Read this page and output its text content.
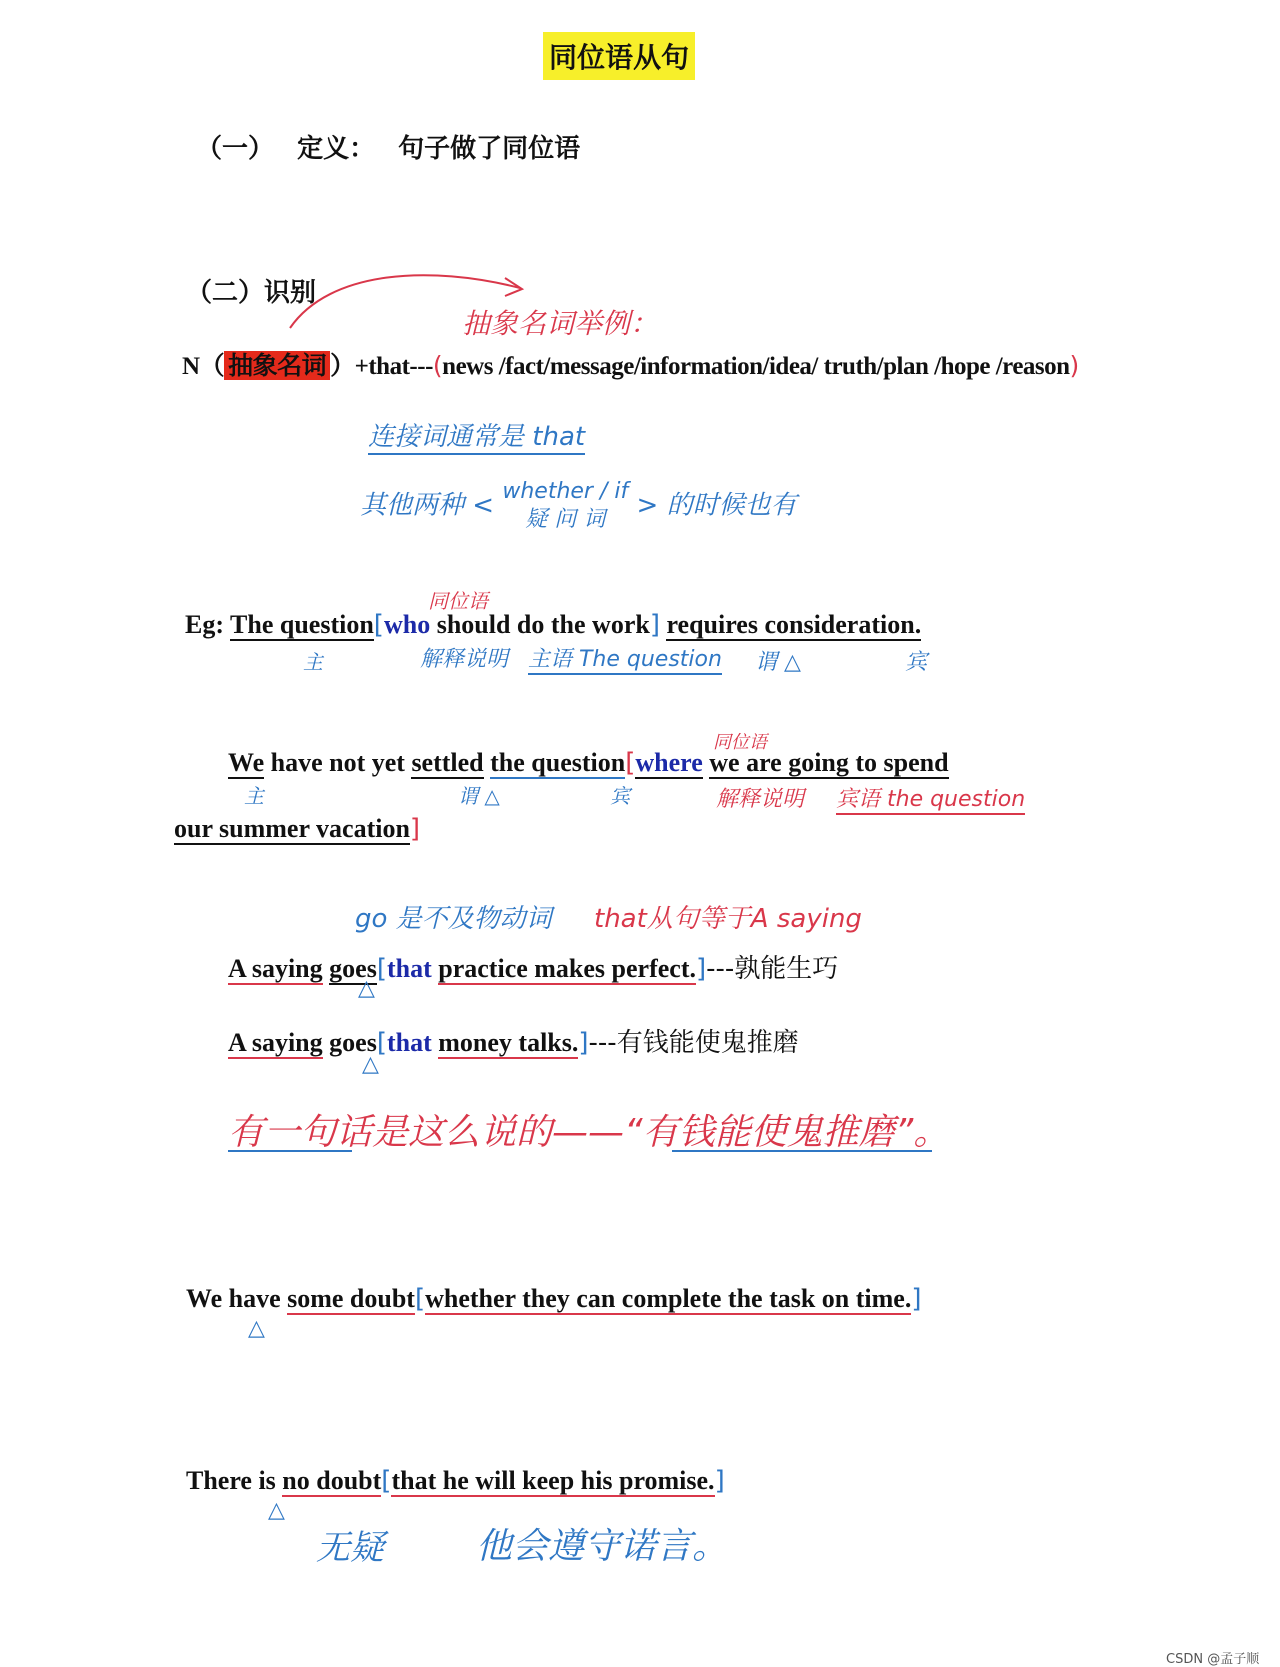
同位语从句
（一） 定义： 句子做了同位语
（二）识别
抽象名词举例：
N（ 抽象名词 ）+that---(news /fact/message/information/idea/ truth/plan /hope /reason)
连接词通常是 that
其他两种 < whether / if
疑 问 词	> 的时候也有
同位语
Eg: The question[who should do the work] requires consideration.
主	解释说明 主语 The question 谓 △	宾
同位语
We have not yet settled the question[where we are going to spend
主	谓 △	宾	解释说明 宾语 the question
our summer vacation]
go 是不及物动词 that从句等于A saying
A saying goes[that practice makes perfect.]---孰能生巧
△
A saying goes[that money talks.]---有钱能使鬼推磨
△
有一句话是这么说的——“有钱能使鬼推磨”。
We have some doubt[whether they can complete the task on time.]
△
There is no doubt[that he will keep his promise.]
△
无疑	他会遵守诺言。
CSDN @孟子顺
